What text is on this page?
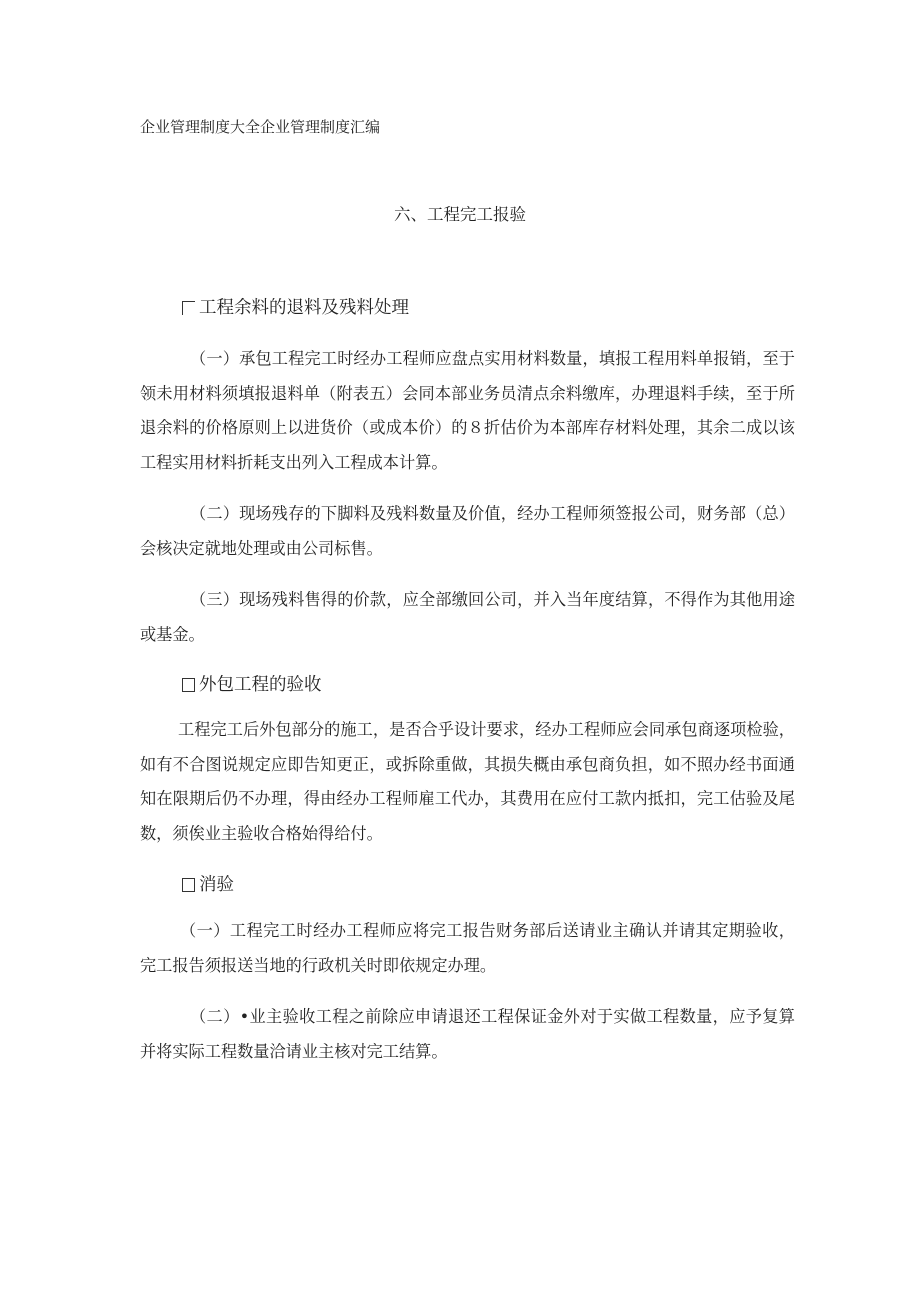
企业管理制度大全企业管理制度汇编
六、工程完工报验
工程余料的退料及残料处理
（一）承包工程完工时经办工程师应盘点实用材料数量，填报工程用料单报销，至于领未用材料须填报退料单（附表五）会同本部业务员清点余料缴库，办理退料手续，至于所退余料的价格原则上以进货价（或成本价）的８折估价为本部库存材料处理，其余二成以该工程实用材料折耗支出列入工程成本计算。
（二）现场残存的下脚料及残料数量及价值，经办工程师须签报公司，财务部（总）会核决定就地处理或由公司标售。
（三）现场残料售得的价款，应全部缴回公司，并入当年度结算，不得作为其他用途或基金。
外包工程的验收
工程完工后外包部分的施工，是否合乎设计要求，经办工程师应会同承包商逐项检验，如有不合图说规定应即告知更正，或拆除重做，其损失概由承包商负担，如不照办经书面通知在限期后仍不办理，得由经办工程师雇工代办，其费用在应付工款内抵扣，完工估验及尾数，须俟业主验收合格始得给付。
消验
（一）工程完工时经办工程师应将完工报告财务部后送请业主确认并请其定期验收，完工报告须报送当地的行政机关时即依规定办理。
（二）•业主验收工程之前除应申请退还工程保证金外对于实做工程数量，应予复算并将实际工程数量洽请业主核对完工结算。
